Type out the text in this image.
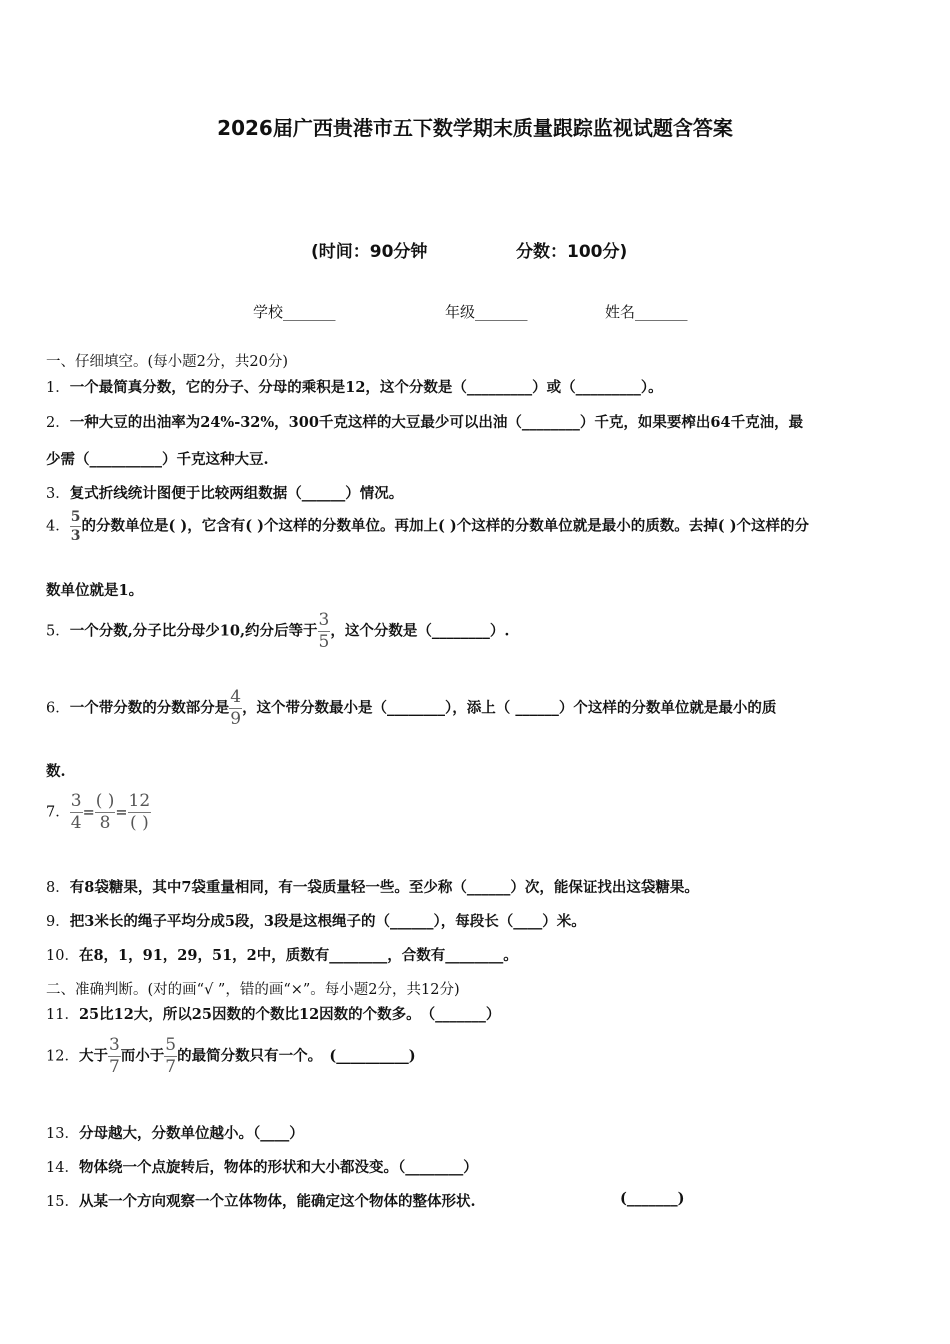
2026届广西贵港市五下数学期末质量跟踪监视试题含答案
(时间：90分钟	分数：100分)
学校_______	年级_______	姓名_______
一、仔细填空。(每小题2分，共20分)
1．一个最简真分数，它的分子、分母的乘积是12，这个分数是（_________）或（_________）。
2．一种大豆的出油率为24%-32%，300千克这样的大豆最少可以出油（________）千克，如果要榨出64千克油，最
少需（__________）千克这种大豆.
3．复式折线统计图便于比较两组数据（______）情况。
4． $\frac{5}{3}$ 的分数单位是( )，它含有( )个这样的分数单位。再加上( )个这样的分数单位就是最小的质数。去掉( )个这样的分
数单位就是1。
5．一个分数,分子比分母少10,约分后等于 $\frac{3}{5}$ ，这个分数是（________）.
6．一个带分数的分数部分是 $\frac{4}{9}$ ，这个带分数最小是（________），添上（ ______）个这样的分数单位就是最小的质
数.
7． $\frac{3}{4} = \frac{( )}{8} = \frac{12}{( )}$
8．有8袋糖果，其中7袋重量相同，有一袋质量轻一些。至少称（______）次，能保证找出这袋糖果。
9．把3米长的绳子平均分成5段，3段是这根绳子的（______），每段长（____）米。
10．在8，1，91，29，51，2中，质数有________，合数有________。
二、准确判断。(对的画“√ ”，错的画“×”。每小题2分，共12分)
11．25比12大，所以25因数的个数比12因数的个数多。　（_______）
12．大于 $\frac{3}{7}$ 而小于 $\frac{5}{7}$ 的最简分数只有一个。　(__________)
13．分母越大，分数单位越小。（____）
14．物体绕一个点旋转后，物体的形状和大小都没变。（________）
15．从某一个方向观察一个立体物体，能确定这个物体的整体形状.	(_______)
